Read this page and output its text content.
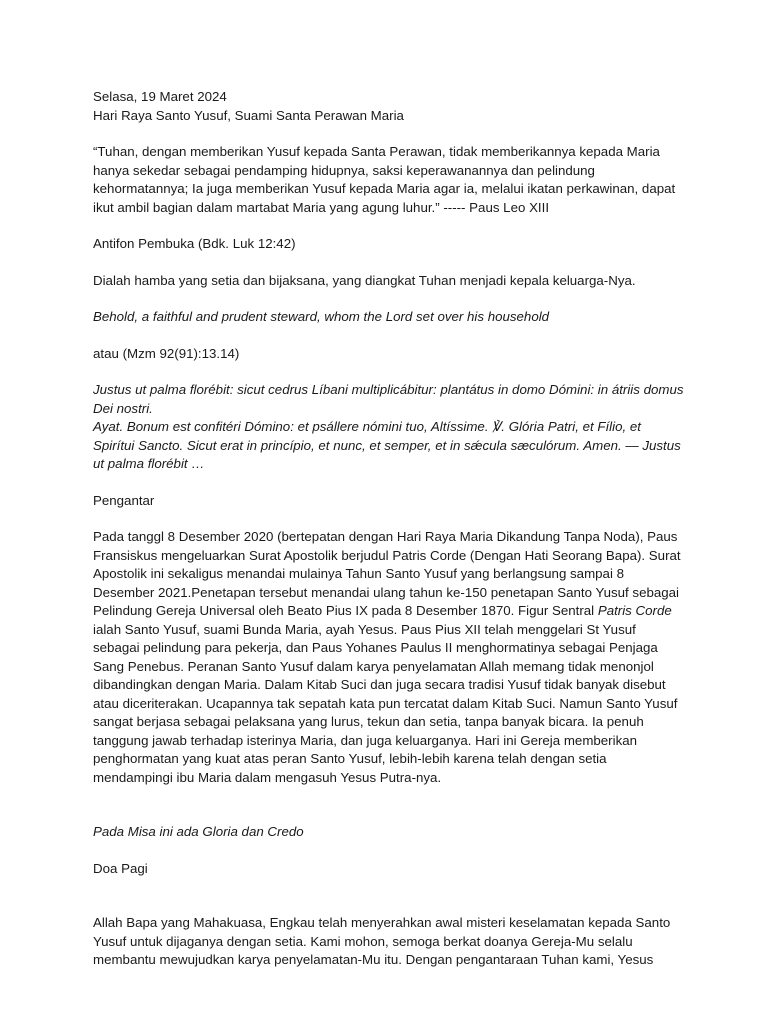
Selasa, 19 Maret 2024

Hari Raya Santo Yusuf, Suami Santa Perawan Maria

“Tuhan, dengan memberikan Yusuf kepada Santa Perawan, tidak memberikannya kepada Maria hanya sekedar sebagai pendamping hidupnya, saksi keperawanannya dan pelindung kehormatannya; Ia juga memberikan Yusuf kepada Maria agar ia, melalui ikatan perkawinan, dapat ikut ambil bagian dalam martabat Maria yang agung luhur.” ----- Paus Leo XIII

Antifon Pembuka (Bdk. Luk 12:42)

Dialah hamba yang setia dan bijaksana, yang diangkat Tuhan menjadi kepala keluarga-Nya.

Behold, a faithful and prudent steward, whom the Lord set over his household

atau (Mzm 92(91):13.14)

Justus ut palma florébit: sicut cedrus Líbani multiplicábitur: plantátus in domo Dómini: in átriis domus Dei nostri.

Ayat. Bonum est confitéri Dómino: et psállere nómini tuo, Altíssime. ℣. Glória Patri, et Fílio, et Spirítui Sancto. Sicut erat in princípio, et nunc, et semper, et in sǽcula sæculórum. Amen. — Justus ut palma florébit …

Pengantar

Pada tanggl 8 Desember 2020 (bertepatan dengan Hari Raya Maria Dikandung Tanpa Noda), Paus Fransiskus mengeluarkan Surat Apostolik berjudul Patris Corde (Dengan Hati Seorang Bapa). Surat Apostolik ini sekaligus menandai mulainya Tahun Santo Yusuf yang berlangsung sampai 8 Desember 2021.Penetapan tersebut menandai ulang tahun ke-150 penetapan Santo Yusuf sebagai Pelindung Gereja Universal oleh Beato Pius IX pada 8 Desember 1870. Figur Sentral Patris Corde ialah Santo Yusuf, suami Bunda Maria, ayah Yesus. Paus Pius XII telah menggelari St Yusuf sebagai pelindung para pekerja, dan Paus Yohanes Paulus II menghormatinya sebagai Penjaga Sang Penebus. Peranan Santo Yusuf dalam karya penyelamatan Allah memang tidak menonjol dibandingkan dengan Maria. Dalam Kitab Suci dan juga secara tradisi Yusuf tidak banyak disebut atau diceriterakan. Ucapannya tak sepatah kata pun tercatat dalam Kitab Suci. Namun Santo Yusuf sangat berjasa sebagai pelaksana yang lurus, tekun dan setia, tanpa banyak bicara. Ia penuh tanggung jawab terhadap isterinya Maria, dan juga keluarganya. Hari ini Gereja memberikan penghormatan yang kuat atas peran Santo Yusuf, lebih-lebih karena telah dengan setia mendampingi ibu Maria dalam mengasuh Yesus Putra-nya.

Pada Misa ini ada Gloria dan Credo

Doa Pagi

Allah Bapa yang Mahakuasa, Engkau telah menyerahkan awal misteri keselamatan kepada Santo Yusuf untuk dijaganya dengan setia. Kami mohon, semoga berkat doanya Gereja-Mu selalu membantu mewujudkan karya penyelamatan-Mu itu. Dengan pengantaraan Tuhan kami, Yesus
